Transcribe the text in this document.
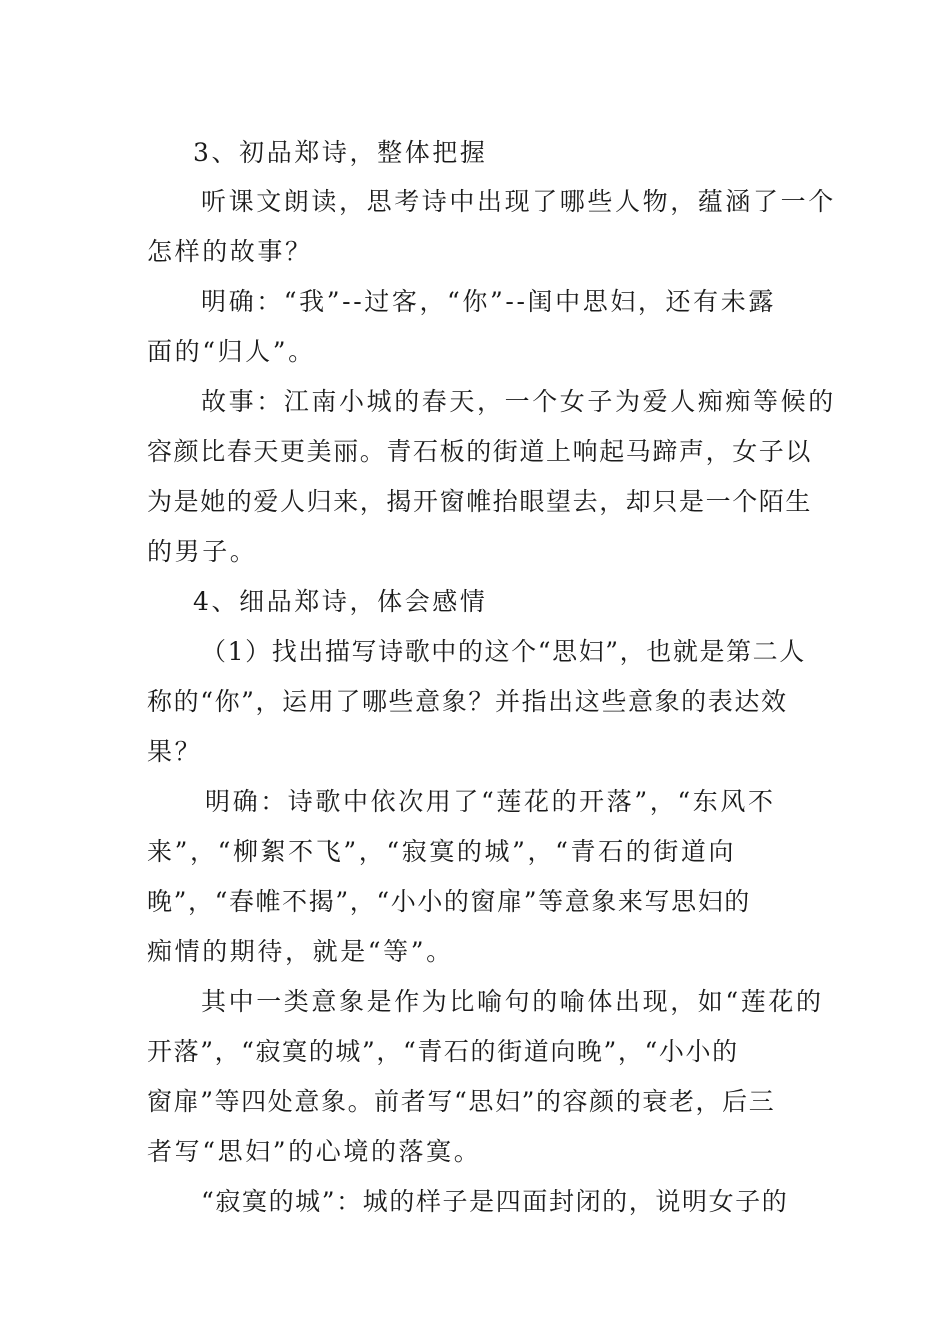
3、初品郑诗，整体把握
听课文朗读，思考诗中出现了哪些人物，蕴涵了一个
怎样的故事？
明确：“我”--过客，“你”--闺中思妇，还有未露
面的“归人”。
故事：江南小城的春天，一个女子为爱人痴痴等候的
容颜比春天更美丽。青石板的街道上响起马蹄声，女子以
为是她的爱人归来，揭开窗帷抬眼望去，却只是一个陌生
的男子。
4、细品郑诗，体会感情
（1）找出描写诗歌中的这个“思妇”，也就是第二人
称的“你”，运用了哪些意象？并指出这些意象的表达效
果？
明确：诗歌中依次用了“莲花的开落”，“东风不
来”，“柳絮不飞”，“寂寞的城”，“青石的街道向
晚”，“春帷不揭”，“小小的窗扉”等意象来写思妇的
痴情的期待，就是“等”。
其中一类意象是作为比喻句的喻体出现，如“莲花的
开落”，“寂寞的城”，“青石的街道向晚”，“小小的
窗扉”等四处意象。前者写“思妇”的容颜的衰老，后三
者写“思妇”的心境的落寞。
“寂寞的城”：城的样子是四面封闭的，说明女子的
